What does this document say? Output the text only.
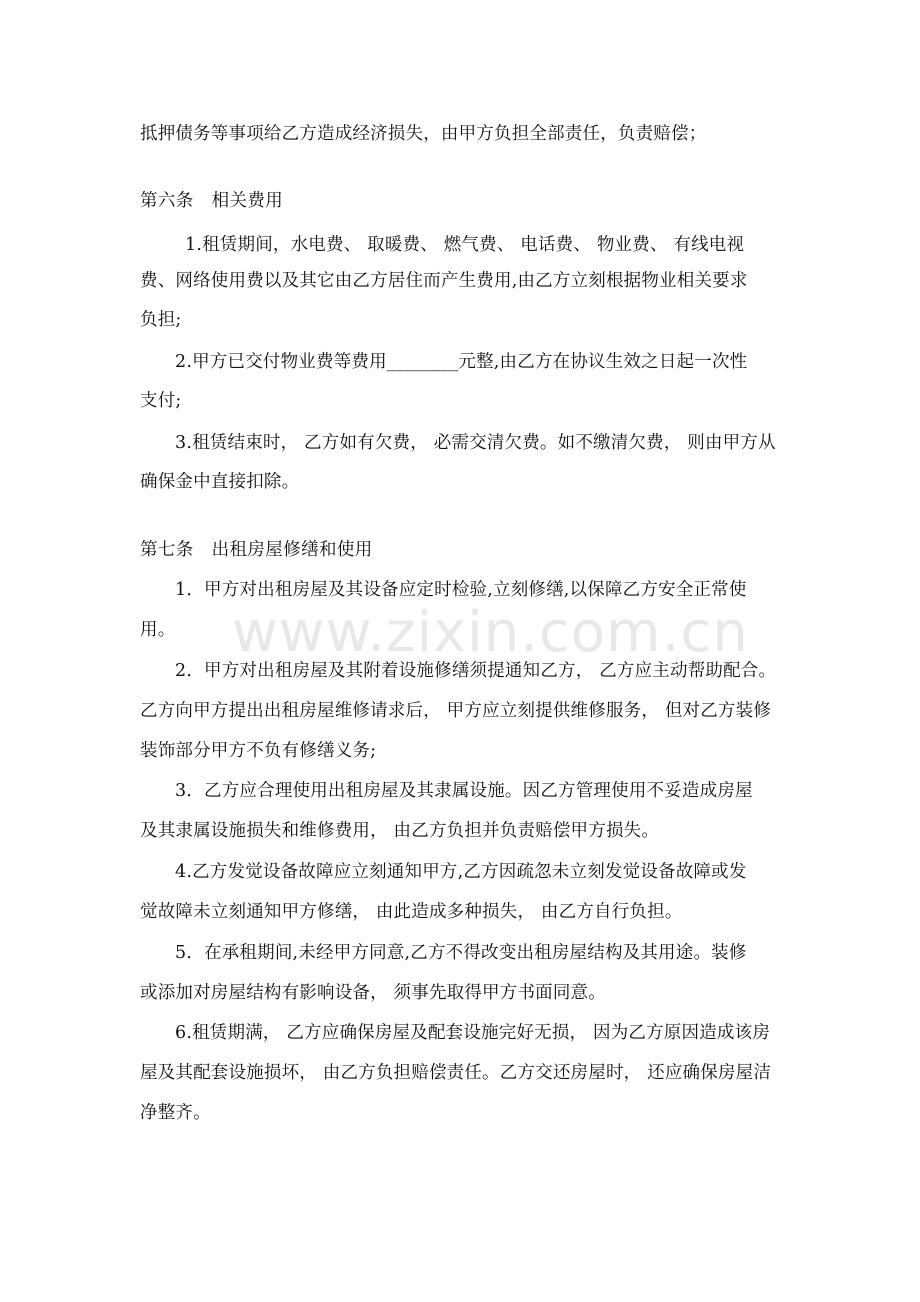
抵押债务等事项给乙方造成经济损失，由甲方负担全部责任，负责赔偿；
第六条　相关费用
1.租赁期间，水电费、 取暖费、 燃气费、 电话费、 物业费、 有线电视
费、网络使用费以及其它由乙方居住而产生费用,由乙方立刻根据物业相关要求
负担;
2.甲方已交付物业费等费用________元整,由乙方在协议生效之日起一次性
支付;
3.租赁结束时， 乙方如有欠费， 必需交清欠费。如不缴清欠费， 则由甲方从
确保金中直接扣除。
第七条　出租房屋修缮和使用
1．甲方对出租房屋及其设备应定时检验,立刻修缮,以保障乙方安全正常使
用。
2．甲方对出租房屋及其附着设施修缮须提通知乙方， 乙方应主动帮助配合。
乙方向甲方提出出租房屋维修请求后， 甲方应立刻提供维修服务， 但对乙方装修
装饰部分甲方不负有修缮义务;
3．乙方应合理使用出租房屋及其隶属设施。因乙方管理使用不妥造成房屋
及其隶属设施损失和维修费用， 由乙方负担并负责赔偿甲方损失。
4.乙方发觉设备故障应立刻通知甲方,乙方因疏忽未立刻发觉设备故障或发
觉故障未立刻通知甲方修缮， 由此造成多种损失， 由乙方自行负担。
5．在承租期间,未经甲方同意,乙方不得改变出租房屋结构及其用途。装修
或添加对房屋结构有影响设备， 须事先取得甲方书面同意。
6.租赁期满， 乙方应确保房屋及配套设施完好无损， 因为乙方原因造成该房
屋及其配套设施损坏， 由乙方负担赔偿责任。乙方交还房屋时， 还应确保房屋洁
净整齐。
www.zixin.com.cn
